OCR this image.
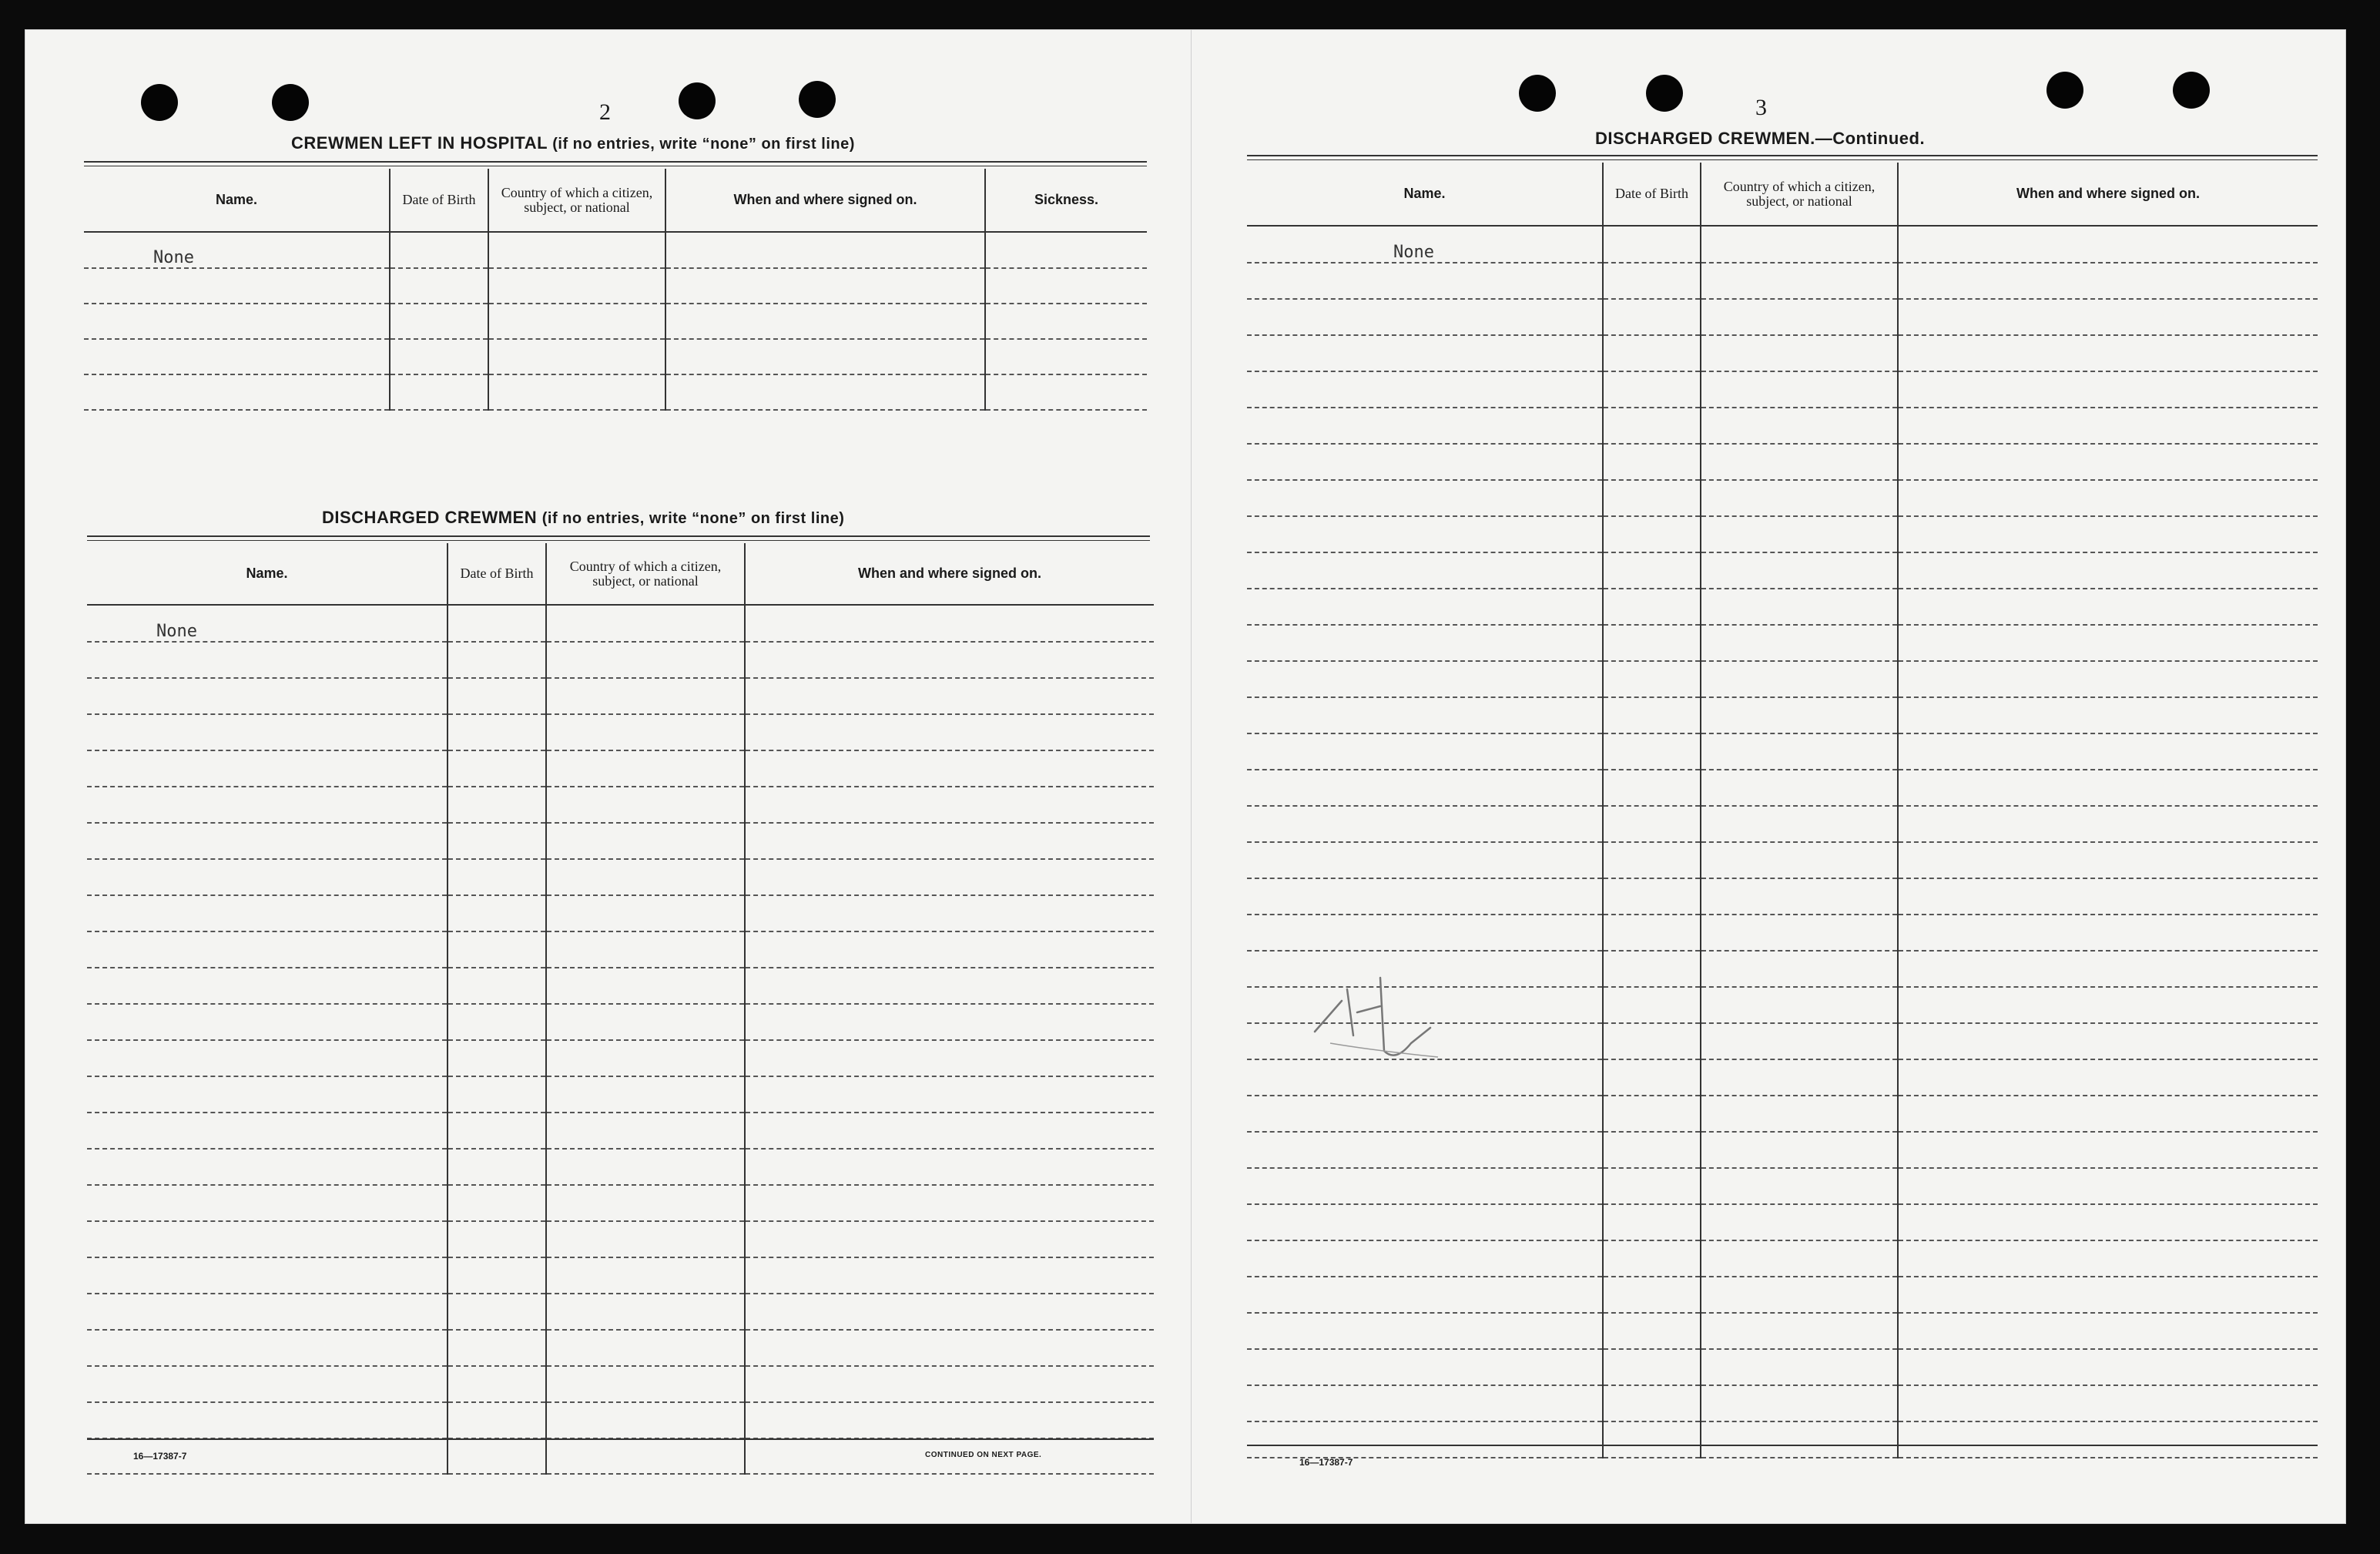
2
CREWMEN LEFT IN HOSPITAL (if no entries, write “none” on first line)
Name.	Date of Birth	Country of which a citizen, subject, or national	When and where signed on.	Sickness.
None				

DISCHARGED CREWMEN (if no entries, write “none” on first line)
Name.	Date of Birth	Country of which a citizen, subject, or national	When and where signed on.
None			

16—17387-7	CONTINUED ON NEXT PAGE.
3
DISCHARGED CREWMEN.—Continued.
Name.	Date of Birth	Country of which a citizen, subject, or national	When and where signed on.
None			

16—17387-7
